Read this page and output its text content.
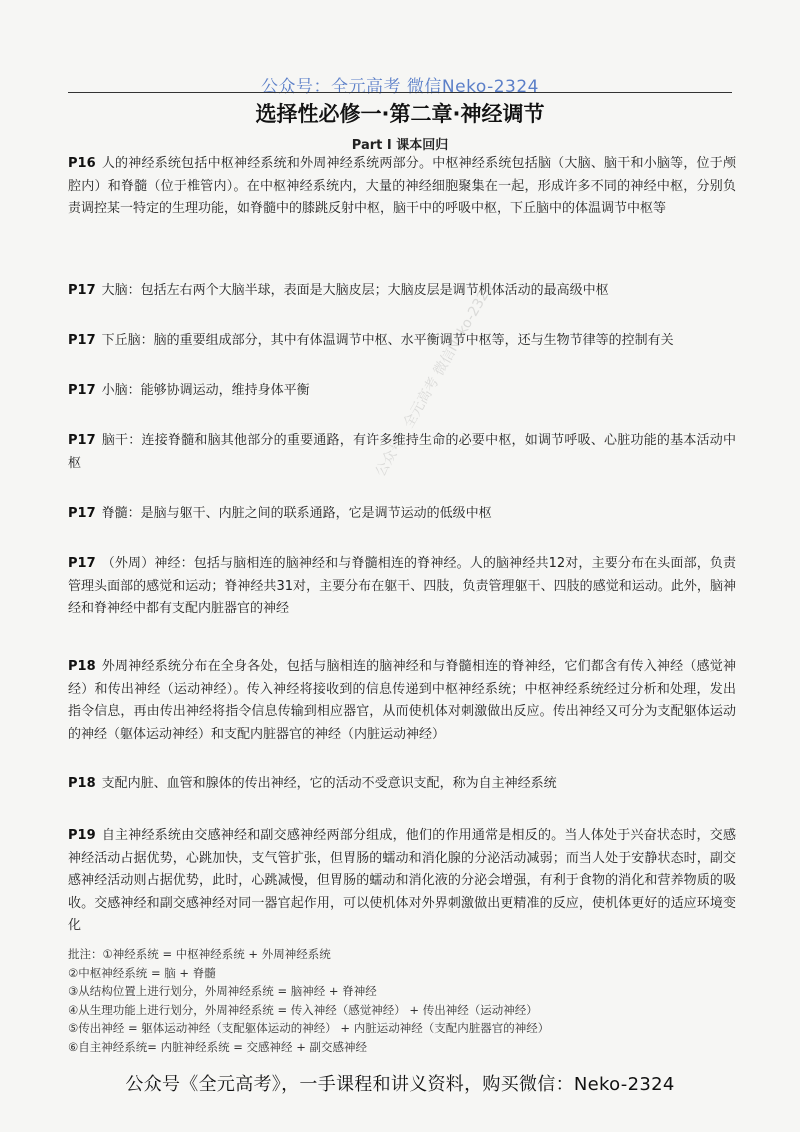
公众号：全元高考 微信Neko-2324
选择性必修一·第二章·神经调节
Part I 课本回归
P16 人的神经系统包括中枢神经系统和外周神经系统两部分。中枢神经系统包括脑（大脑、脑干和小脑等，位于颅腔内）和脊髓（位于椎管内）。在中枢神经系统内，大量的神经细胞聚集在一起，形成许多不同的神经中枢，分别负责调控某一特定的生理功能，如脊髓中的膝跳反射中枢，脑干中的呼吸中枢，下丘脑中的体温调节中枢等
P17 大脑：包括左右两个大脑半球，表面是大脑皮层；大脑皮层是调节机体活动的最高级中枢
P17 下丘脑：脑的重要组成部分，其中有体温调节中枢、水平衡调节中枢等，还与生物节律等的控制有关
P17 小脑：能够协调运动，维持身体平衡
P17 脑干：连接脊髓和脑其他部分的重要通路，有许多维持生命的必要中枢，如调节呼吸、心脏功能的基本活动中枢
P17 脊髓：是脑与躯干、内脏之间的联系通路，它是调节运动的低级中枢
P17 （外周）神经：包括与脑相连的脑神经和与脊髓相连的脊神经。人的脑神经共12对，主要分布在头面部，负责管理头面部的感觉和运动；脊神经共31对，主要分布在躯干、四肢，负责管理躯干、四肢的感觉和运动。此外，脑神经和脊神经中都有支配内脏器官的神经
P18 外周神经系统分布在全身各处，包括与脑相连的脑神经和与脊髓相连的脊神经，它们都含有传入神经（感觉神经）和传出神经（运动神经）。传入神经将接收到的信息传递到中枢神经系统；中枢神经系统经过分析和处理，发出指令信息，再由传出神经将指令信息传输到相应器官，从而使机体对刺激做出反应。传出神经又可分为支配躯体运动的神经（躯体运动神经）和支配内脏器官的神经（内脏运动神经）
P18 支配内脏、血管和腺体的传出神经，它的活动不受意识支配，称为自主神经系统
P19 自主神经系统由交感神经和副交感神经两部分组成，他们的作用通常是相反的。当人体处于兴奋状态时，交感神经活动占据优势，心跳加快，支气管扩张，但胃肠的蠕动和消化腺的分泌活动减弱；而当人处于安静状态时，副交感神经活动则占据优势，此时，心跳减慢，但胃肠的蠕动和消化液的分泌会增强，有利于食物的消化和营养物质的吸收。交感神经和副交感神经对同一器官起作用，可以使机体对外界刺激做出更精准的反应，使机体更好的适应环境变化
批注：①神经系统 = 中枢神经系统 + 外周神经系统
②中枢神经系统 = 脑 + 脊髓
③从结构位置上进行划分，外周神经系统 = 脑神经 + 脊神经
④从生理功能上进行划分，外周神经系统 = 传入神经（感觉神经） + 传出神经（运动神经）
⑤传出神经 = 躯体运动神经（支配躯体运动的神经） + 内脏运动神经（支配内脏器官的神经）
⑥自主神经系统= 内脏神经系统 = 交感神经 + 副交感神经
公众号：全元高考 微信Neko-2324
公众号《全元高考》，一手课程和讲义资料，购买微信：Neko-2324
